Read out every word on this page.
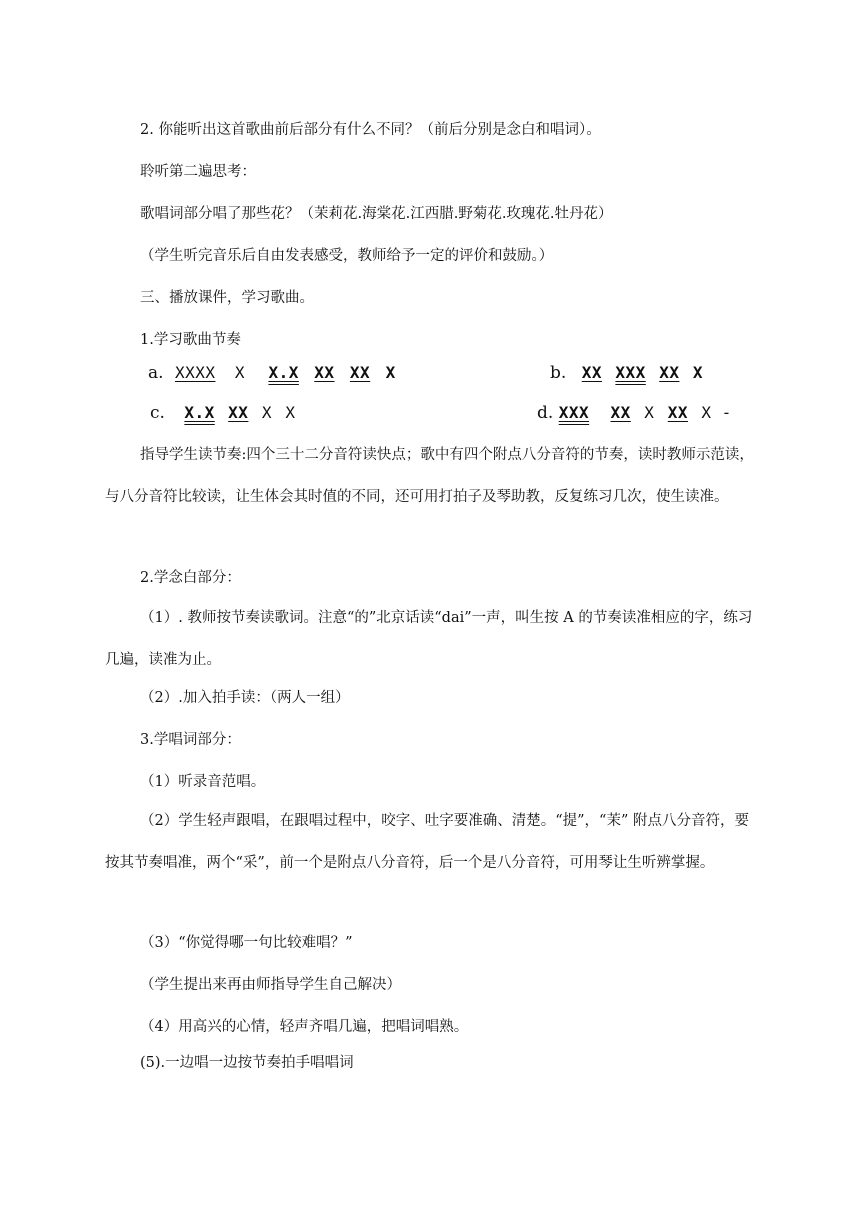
2. 你能听出这首歌曲前后部分有什么不同？（前后分别是念白和唱词）。
聆听第二遍思考：
歌唱词部分唱了那些花？（茉莉花.海棠花.江西腊.野菊花.玫瑰花.牡丹花）
（学生听完音乐后自由发表感受，教师给予一定的评价和鼓励。）
三、播放课件，学习歌曲。
1.学习歌曲节奏
a. XXXX X X.X XX XX X	b. XX XXX XX X
c. X.X XX X X	d. XXX XX X XX X -
指导学生读节奏:四个三十二分音符读快点；歌中有四个附点八分音符的节奏，读时教师示范读，与八分音符比较读，让生体会其时值的不同，还可用打拍子及琴助教，反复练习几次，使生读准。
2.学念白部分：
（1）. 教师按节奏读歌词。注意“的”北京话读“dai”一声，叫生按 A 的节奏读准相应的字，练习几遍，读准为止。
（2）.加入拍手读：（两人一组）
3.学唱词部分：
（1）听录音范唱。
（2）学生轻声跟唱，在跟唱过程中，咬字、吐字要准确、清楚。“提”，“茉” 附点八分音符，要按其节奏唱准，两个“采”，前一个是附点八分音符，后一个是八分音符，可用琴让生听辨掌握。
（3）“你觉得哪一句比较难唱？”
（学生提出来再由师指导学生自己解决）
（4）用高兴的心情，轻声齐唱几遍，把唱词唱熟。
(5).一边唱一边按节奏拍手唱唱词
